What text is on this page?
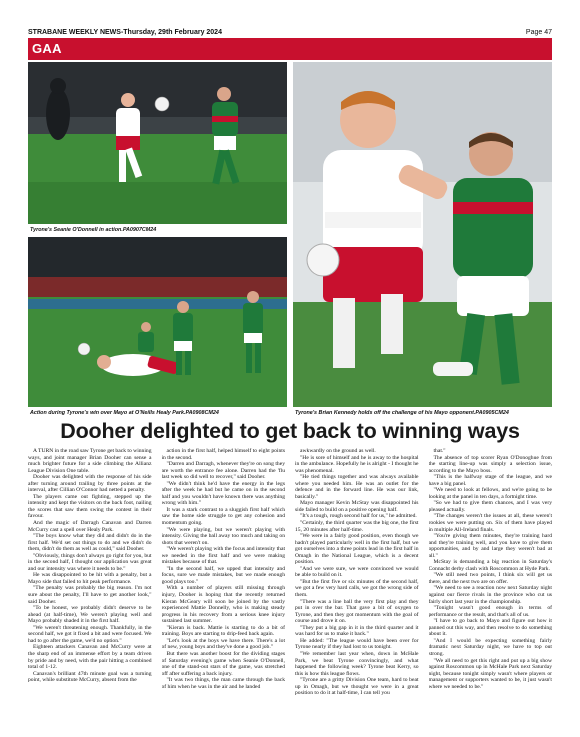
STRABANE WEEKLY NEWS-Thursday, 29th February 2024	Page 47
GAA
Tyrone's Seanie O'Donnell in action.PA0907CM24
Action during Tyrone's win over Mayo at O'Neills Healy Park.PA0908CM24	Tyrone's Brian Kennedy holds off the challenge of his Mayo opponent.PA0905CM24
Dooher delighted to get back to winning ways

A TURN in the road saw Tyrone get back to winning ways, and joint manager Brian Dooher can sense a much brighter future for a side climbing the Allianz League Division One table.

Dooher was delighted with the response of his side after turning around trailing by three points at the interval, after Cillian O'Connor had netted a penalty.

The players came out fighting, stepped up the intensity and kept the visitors on the back foot, nailing the scores that saw them swing the contest in their favour.

And the magic of Darragh Canavan and Darren McCurry cast a spell over Healy Park.

"The boys know what they did and didn't do in the first half. We'd set out things to do and we didn't do them, didn't do them as well as could," said Dooher.

"Obviously, things don't always go right for you, but in the second half, I thought our application was great and our intensity was where it needs to be."

He was disappointed to be hit with a penalty, but a Mayo side that failed to hit peak performance.

"The penalty was probably the big reason. I'm not sure about the penalty, I'll have to get another look," said Dooher.

"To be honest, we probably didn't deserve to be ahead (at half-time), We weren't playing well and Mayo probably shaded it in the first half.

"We weren't threatening enough. Thankfully, in the second half, we got it fixed a bit and were focused. We had to go after the game, we'd no option."

Eighteen attackers Canavan and McCurry were at the sharp end of an immense effort by a team driven by pride and by need, with the pair hitting a combined total of 1-12.

Canavan's brilliant 47th minute goal was a turning point, while substitute McCurry, absent from the

action in the first half, helped himself to eight points in the second.

"Darren and Darragh, whenever they're on song they are worth the entrance fee alone. Darren had the 'flu last week so did well to recover," said Dooher.

"We didn't think he'd have the energy in the legs after the week he had but he came on in the second half and you wouldn't have known there was anything wrong with him."

It was a stark contrast to a sluggish first half which saw the home side struggle to get any cohesion and momentum going.

"We were playing, but we weren't playing with intensity. Giving the ball away too much and taking on shots that weren't on.

"We weren't playing with the focus and intensity that we needed in the first half and we were making mistakes because of that.

"In the second half, we upped that intensity and focus, sure we made mistakes, but we made enough good plays too."

With a number of players still missing through injury, Dooher is hoping that the recently returned Kieran McGeary will soon be joined by the vastly experienced Mattie Donnelly, who is making steady progress in his recovery from a serious knee injury sustained last summer.

"Kieran is back. Mattie is starting to do a bit of training. Boys are starting to drip-feed back again.

"Let's look at the boys we have there. There's a lot of new, young boys and they've done a good job."

But there was another boost for the dividing stages of Saturday evening's game when Seanie O'Donnell, one of the stand-out stars of the game, was stretched off after suffering a back injury.

"It was two things, the man came through the back of him when he was in the air and he landed

awkwardly on the ground as well.

"He is sore of himself and he is away to the hospital in the ambulance. Hopefully he is alright - I thought he was phenomenal.

"He tied things together and was always available where you needed him. He was an outlet for the defence and in the forward line. He was our link, basically."

Mayo manager Kevin McStay was disappointed his side failed to build on a positive opening half.

"It's a tough, rough second half for us," he admitted.

"Certainly, the third quarter was the big one, the first 15, 20 minutes after half-time.

"We were in a fairly good position, even though we hadn't played particularly well in the first half, but we got ourselves into a three points lead in the first half in Omagh in the National League, which is a decent position.

"And we were sure, we were convinced we would be able to build on it.

"But the first five or six minutes of the second half, we got a few very hard calls, we got the wrong side of them.

"There was a line ball the very first play and they put in over the bar. That gave a bit of oxygen to Tyrone, and then they got momentum with the goal of course and drove it on.

"They put a big gap in it in the third quarter and it was hard for us to make it back."

He added: "The league would have been over for Tyrone nearly if they had lost to us tonight.

"We remember last year when, down in McHale Park, we beat Tyrone convincingly, and what happened the following week? Tyrone beat Kerry, so this is how this league flows.

"Tyrone are a gritty Division One team, hard to beat up in Omagh, but we thought we were in a great position to do it at half-time, I can tell you

that."

The absence of top scorer Ryan O'Donoghue from the starting line-up was simply a selection issue, according to the Mayo boss.

"This is the halfway stage of the league, and we have a big panel.

"We need to look at fellows, and we're going to be looking at the panel in ten days, a fortnight time.

"So we had to give them chances, and I was very pleased actually.

"The changes weren't the issues at all, these weren't rookies we were putting on. Six of them have played in multiple All-Ireland finals.

"You're giving them minutes, they're training hard and they're training well, and you have to give them opportunities, and by and large they weren't bad at all."

McStay is demanding a big reaction in Saturday's Connacht derby clash with Roscommon at Hyde Park.

"We still need two points, I think six will get us there, and the next two are on offer.

"We need to see a reaction now next Saturday night against our fierce rivals in the province who cut us fairly short last year in the championship.

"Tonight wasn't good enough in terms of performance or the result, and that's all of us.

"I have to go back to Mayo and figure out how it panned out this way, and then resolve to do something about it.

"And I would be expecting something fairly dramatic next Saturday night, we have to top out strong.

"We all need to get this right and put up a big show against Roscommon up in McHale Park next Saturday night, because tonight simply wasn't where players or management or supporters wanted to be, it just wasn't where we needed to be."
